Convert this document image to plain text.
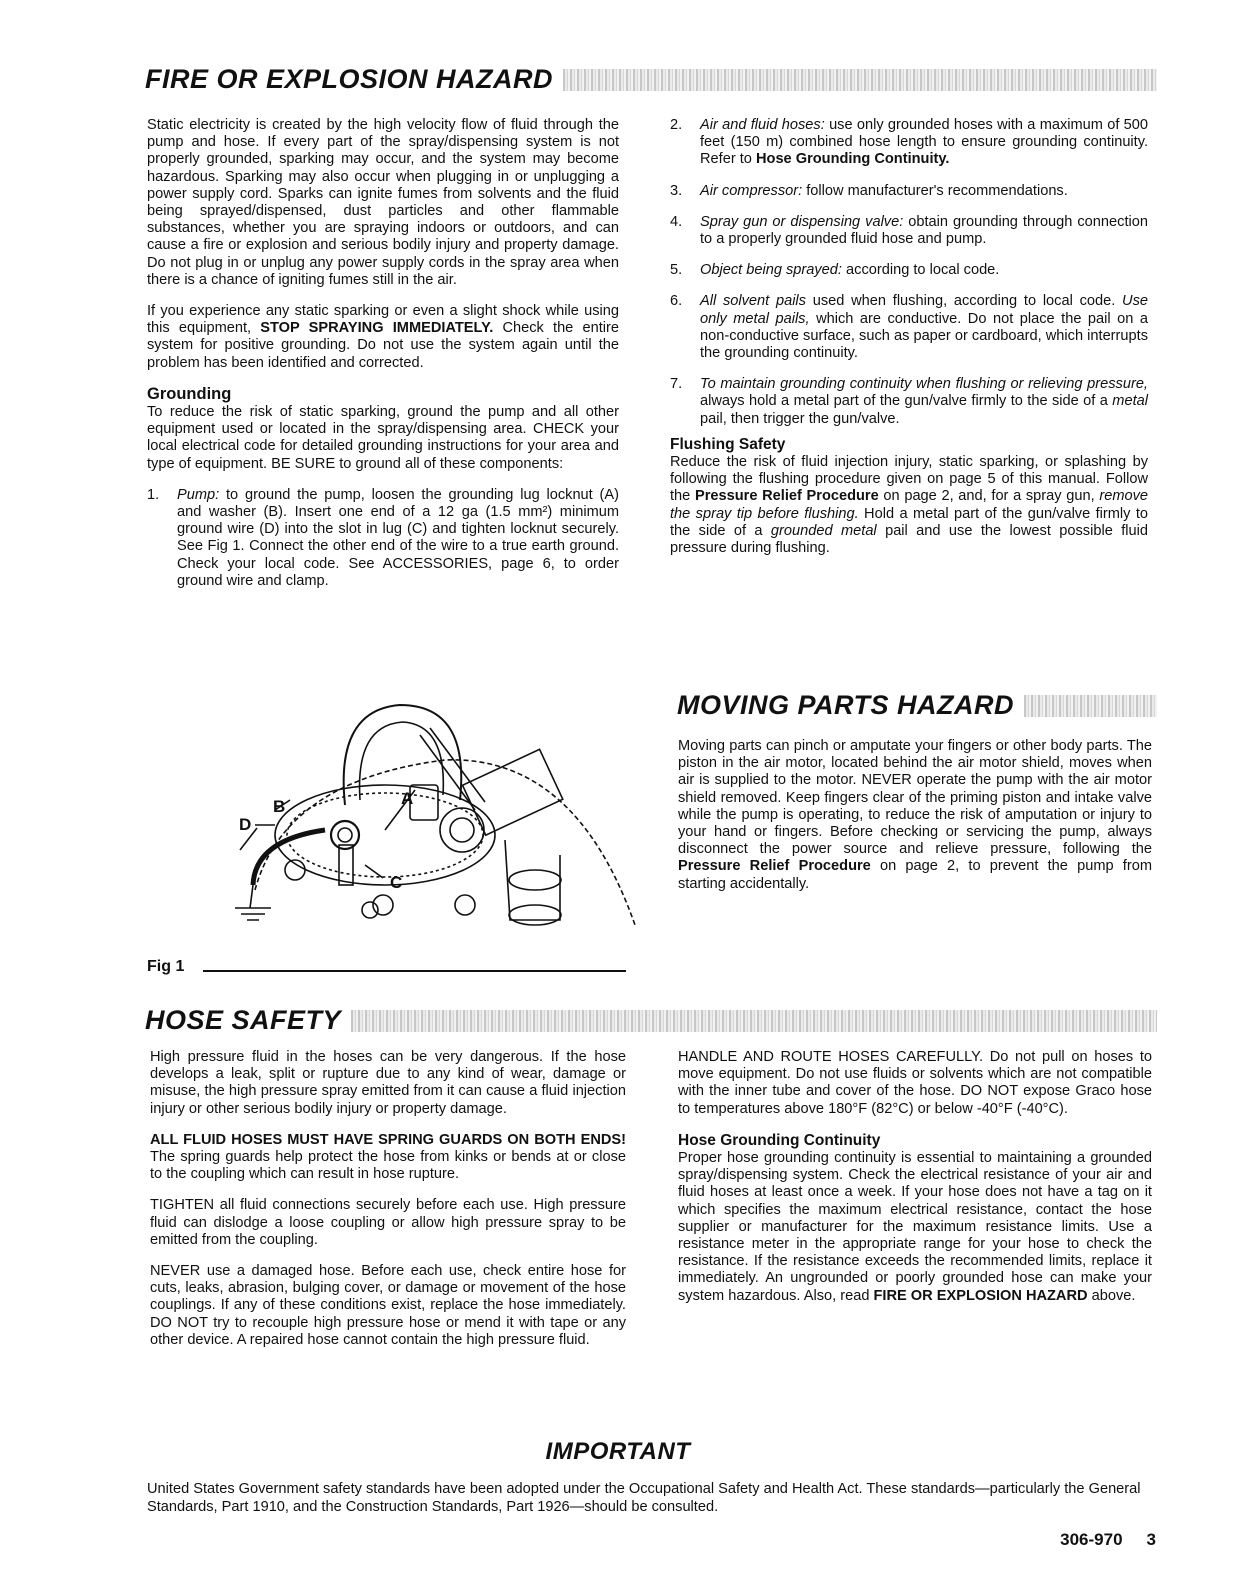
FIRE OR EXPLOSION HAZARD

Static electricity is created by the high velocity flow of fluid through the pump and hose. If every part of the spray/dispensing system is not properly grounded, sparking may occur, and the system may become hazardous. Sparking may also occur when plugging in or unplugging a power supply cord. Sparks can ignite fumes from solvents and the fluid being sprayed/dispensed, dust particles and other flammable substances, whether you are spraying indoors or outdoors, and can cause a fire or explosion and serious bodily injury and property damage. Do not plug in or unplug any power supply cords in the spray area when there is a chance of igniting fumes still in the air.

If you experience any static sparking or even a slight shock while using this equipment, STOP SPRAYING IMMEDIATELY. Check the entire system for positive grounding. Do not use the system again until the problem has been identified and corrected.

Grounding

To reduce the risk of static sparking, ground the pump and all other equipment used or located in the spray/dispensing area. CHECK your local electrical code for detailed grounding instructions for your area and type of equipment. BE SURE to ground all of these components:

1.	Pump: to ground the pump, loosen the grounding lug locknut (A) and washer (B). Insert one end of a 12 ga (1.5 mm²) minimum ground wire (D) into the slot in lug (C) and tighten locknut securely. See Fig 1. Connect the other end of the wire to a true earth ground. Check your local code. See ACCESSORIES, page 6, to order ground wire and clamp.
B
D
A
C
Fig 1
2.	Air and fluid hoses: use only grounded hoses with a maximum of 500 feet (150 m) combined hose length to ensure grounding continuity. Refer to Hose Grounding Continuity.
3.	Air compressor: follow manufacturer's recommendations.
4.	Spray gun or dispensing valve: obtain grounding through connection to a properly grounded fluid hose and pump.
5.	Object being sprayed: according to local code.
6.	All solvent pails used when flushing, according to local code. Use only metal pails, which are conductive. Do not place the pail on a non-conductive surface, such as paper or cardboard, which interrupts the grounding continuity.
7.	To maintain grounding continuity when flushing or relieving pressure, always hold a metal part of the gun/valve firmly to the side of a metal pail, then trigger the gun/valve.
Flushing Safety

Reduce the risk of fluid injection injury, static sparking, or splashing by following the flushing procedure given on page 5 of this manual. Follow the Pressure Relief Procedure on page 2, and, for a spray gun, remove the spray tip before flushing. Hold a metal part of the gun/valve firmly to the side of a grounded metal pail and use the lowest possible fluid pressure during flushing.

MOVING PARTS HAZARD

Moving parts can pinch or amputate your fingers or other body parts. The piston in the air motor, located behind the air motor shield, moves when air is supplied to the motor. NEVER operate the pump with the air motor shield removed. Keep fingers clear of the priming piston and intake valve while the pump is operating, to reduce the risk of amputation or injury to your hand or fingers. Before checking or servicing the pump, always disconnect the power source and relieve pressure, following the Pressure Relief Procedure on page 2, to prevent the pump from starting accidentally.

HOSE SAFETY

High pressure fluid in the hoses can be very dangerous. If the hose develops a leak, split or rupture due to any kind of wear, damage or misuse, the high pressure spray emitted from it can cause a fluid injection injury or other serious bodily injury or property damage.

ALL FLUID HOSES MUST HAVE SPRING GUARDS ON BOTH ENDS! The spring guards help protect the hose from kinks or bends at or close to the coupling which can result in hose rupture.

TIGHTEN all fluid connections securely before each use. High pressure fluid can dislodge a loose coupling or allow high pressure spray to be emitted from the coupling.

NEVER use a damaged hose. Before each use, check entire hose for cuts, leaks, abrasion, bulging cover, or damage or movement of the hose couplings. If any of these conditions exist, replace the hose immediately. DO NOT try to recouple high pressure hose or mend it with tape or any other device. A repaired hose cannot contain the high pressure fluid.

HANDLE AND ROUTE HOSES CAREFULLY. Do not pull on hoses to move equipment. Do not use fluids or solvents which are not compatible with the inner tube and cover of the hose. DO NOT expose Graco hose to temperatures above 180°F (82°C) or below -40°F (-40°C).

Hose Grounding Continuity

Proper hose grounding continuity is essential to maintaining a grounded spray/dispensing system. Check the electrical resistance of your air and fluid hoses at least once a week. If your hose does not have a tag on it which specifies the maximum electrical resistance, contact the hose supplier or manufacturer for the maximum resistance limits. Use a resistance meter in the appropriate range for your hose to check the resistance. If the resistance exceeds the recommended limits, replace it immediately. An ungrounded or poorly grounded hose can make your system hazardous. Also, read FIRE OR EXPLOSION HAZARD above.

IMPORTANT
United States Government safety standards have been adopted under the Occupational Safety and Health Act. These standards—particularly the General Standards, Part 1910, and the Construction Standards, Part 1926—should be consulted.
306-970 3
